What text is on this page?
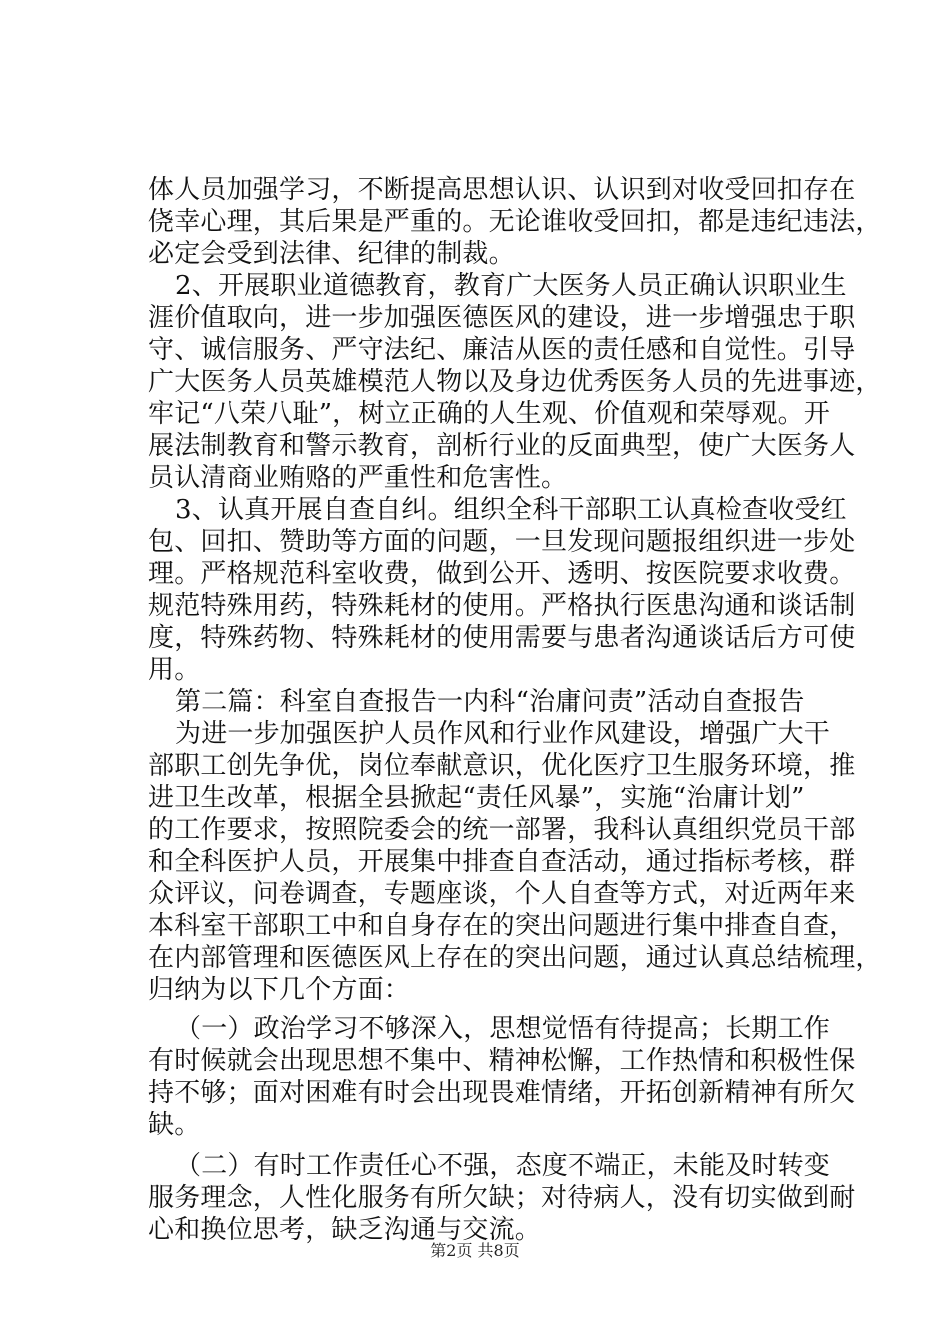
体人员加强学习，不断提高思想认识、认识到对收受回扣存在
侥幸心理，其后果是严重的。无论谁收受回扣，都是违纪违法，
必定会受到法律、纪律的制裁。
2、开展职业道德教育，教育广大医务人员正确认识职业生
涯价值取向，进一步加强医德医风的建设，进一步增强忠于职
守、诚信服务、严守法纪、廉洁从医的责任感和自觉性。引导
广大医务人员英雄模范人物以及身边优秀医务人员的先进事迹，
牢记“八荣八耻”，树立正确的人生观、价值观和荣辱观。开
展法制教育和警示教育，剖析行业的反面典型，使广大医务人
员认清商业贿赂的严重性和危害性。
3、认真开展自查自纠。组织全科干部职工认真检查收受红
包、回扣、赞助等方面的问题，一旦发现问题报组织进一步处
理。严格规范科室收费，做到公开、透明、按医院要求收费。
规范特殊用药，特殊耗材的使用。严格执行医患沟通和谈话制
度，特殊药物、特殊耗材的使用需要与患者沟通谈话后方可使
用。
第二篇：科室自查报告一内科“治庸问责”活动自查报告
为进一步加强医护人员作风和行业作风建设，增强广大干
部职工创先争优，岗位奉献意识，优化医疗卫生服务环境，推
进卫生改革，根据全县掀起“责任风暴”，实施“治庸计划”
的工作要求，按照院委会的统一部署，我科认真组织党员干部
和全科医护人员，开展集中排查自查活动，通过指标考核，群
众评议，问卷调查，专题座谈，个人自查等方式，对近两年来
本科室干部职工中和自身存在的突出问题进行集中排查自查，
在内部管理和医德医风上存在的突出问题，通过认真总结梳理，
归纳为以下几个方面：
（一）政治学习不够深入，思想觉悟有待提高；长期工作
有时候就会出现思想不集中、精神松懈，工作热情和积极性保
持不够；面对困难有时会出现畏难情绪，开拓创新精神有所欠
缺。
（二）有时工作责任心不强，态度不端正，未能及时转变
服务理念，人性化服务有所欠缺；对待病人，没有切实做到耐
心和换位思考，缺乏沟通与交流。
第2页 共8页
